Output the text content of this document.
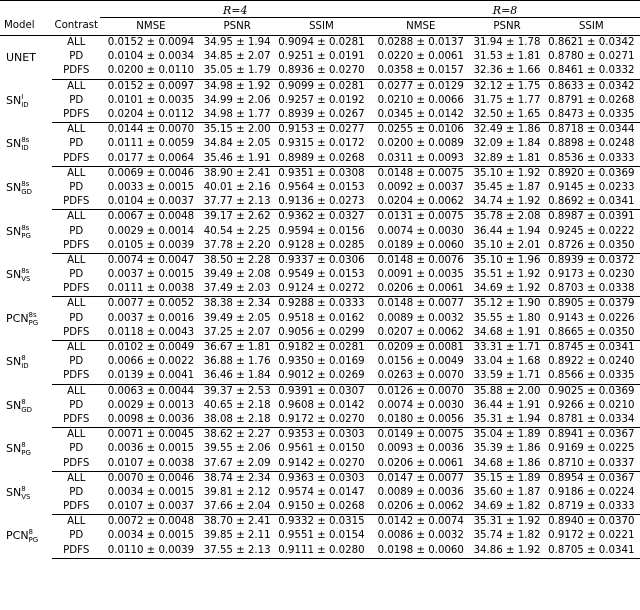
		R=4			R=8		
Model	Contrast	NMSE	PSNR	SSIM	NMSE	PSNR	SSIM
UNET	ALL	0.0152 ± 0.0094	34.95 ± 1.94	0.9094 ± 0.0281	0.0288 ± 0.0137	31.94 ± 1.78	0.8621 ± 0.0342
	PD	0.0104 ± 0.0034	34.85 ± 2.07	0.9251 ± 0.0191	0.0220 ± 0.0061	31.53 ± 1.81	0.8780 ± 0.0271
	PDFS	0.0200 ± 0.0110	35.05 ± 1.79	0.8936 ± 0.0270	0.0358 ± 0.0157	32.36 ± 1.66	0.8461 ± 0.0332
SN I
ID	ALL	0.0152 ± 0.0097	34.98 ± 1.92	0.9099 ± 0.0281	0.0277 ± 0.0129	32.12 ± 1.75	0.8633 ± 0.0342
	PD	0.0101 ± 0.0035	34.99 ± 2.06	0.9257 ± 0.0192	0.0210 ± 0.0066	31.75 ± 1.77	0.8791 ± 0.0268
	PDFS	0.0204 ± 0.0112	34.98 ± 1.77	0.8939 ± 0.0267	0.0345 ± 0.0142	32.50 ± 1.65	0.8473 ± 0.0335
SN 8s
ID	ALL	0.0144 ± 0.0070	35.15 ± 2.00	0.9153 ± 0.0277	0.0255 ± 0.0106	32.49 ± 1.86	0.8718 ± 0.0344
	PD	0.0111 ± 0.0059	34.84 ± 2.05	0.9315 ± 0.0172	0.0200 ± 0.0089	32.09 ± 1.84	0.8898 ± 0.0248
	PDFS	0.0177 ± 0.0064	35.46 ± 1.91	0.8989 ± 0.0268	0.0311 ± 0.0093	32.89 ± 1.81	0.8536 ± 0.0333
SN 8s
GD	ALL	0.0069 ± 0.0046	38.90 ± 2.41	0.9351 ± 0.0308	0.0148 ± 0.0075	35.10 ± 1.92	0.8920 ± 0.0369
	PD	0.0033 ± 0.0015	40.01 ± 2.16	0.9564 ± 0.0153	0.0092 ± 0.0037	35.45 ± 1.87	0.9145 ± 0.0233
	PDFS	0.0104 ± 0.0037	37.77 ± 2.13	0.9136 ± 0.0273	0.0204 ± 0.0062	34.74 ± 1.92	0.8692 ± 0.0341
SN 8s
PG	ALL	0.0067 ± 0.0048	39.17 ± 2.62	0.9362 ± 0.0327	0.0131 ± 0.0075	35.78 ± 2.08	0.8987 ± 0.0391
	PD	0.0029 ± 0.0014	40.54 ± 2.25	0.9594 ± 0.0156	0.0074 ± 0.0030	36.44 ± 1.94	0.9245 ± 0.0222
	PDFS	0.0105 ± 0.0039	37.78 ± 2.20	0.9128 ± 0.0285	0.0189 ± 0.0060	35.10 ± 2.01	0.8726 ± 0.0350
SN 8s
VS	ALL	0.0074 ± 0.0047	38.50 ± 2.28	0.9337 ± 0.0306	0.0148 ± 0.0076	35.10 ± 1.96	0.8939 ± 0.0372
	PD	0.0037 ± 0.0015	39.49 ± 2.08	0.9549 ± 0.0153	0.0091 ± 0.0035	35.51 ± 1.92	0.9173 ± 0.0230
	PDFS	0.0111 ± 0.0038	37.49 ± 2.03	0.9124 ± 0.0272	0.0206 ± 0.0061	34.69 ± 1.92	0.8703 ± 0.0338
PCN 8s
PG	ALL	0.0077 ± 0.0052	38.38 ± 2.34	0.9288 ± 0.0333	0.0148 ± 0.0077	35.12 ± 1.90	0.8905 ± 0.0379
	PD	0.0037 ± 0.0016	39.49 ± 2.05	0.9518 ± 0.0162	0.0089 ± 0.0032	35.55 ± 1.80	0.9143 ± 0.0226
	PDFS	0.0118 ± 0.0043	37.25 ± 2.07	0.9056 ± 0.0299	0.0207 ± 0.0062	34.68 ± 1.91	0.8665 ± 0.0350
SN 8
ID	ALL	0.0102 ± 0.0049	36.67 ± 1.81	0.9182 ± 0.0281	0.0209 ± 0.0081	33.31 ± 1.71	0.8745 ± 0.0341
	PD	0.0066 ± 0.0022	36.88 ± 1.76	0.9350 ± 0.0169	0.0156 ± 0.0049	33.04 ± 1.68	0.8922 ± 0.0240
	PDFS	0.0139 ± 0.0041	36.46 ± 1.84	0.9012 ± 0.0269	0.0263 ± 0.0070	33.59 ± 1.71	0.8566 ± 0.0335
SN 8
GD	ALL	0.0063 ± 0.0044	39.37 ± 2.53	0.9391 ± 0.0307	0.0126 ± 0.0070	35.88 ± 2.00	0.9025 ± 0.0369
	PD	0.0029 ± 0.0013	40.65 ± 2.18	0.9608 ± 0.0142	0.0074 ± 0.0030	36.44 ± 1.91	0.9266 ± 0.0210
	PDFS	0.0098 ± 0.0036	38.08 ± 2.18	0.9172 ± 0.0270	0.0180 ± 0.0056	35.31 ± 1.94	0.8781 ± 0.0334
SN 8
PG	ALL	0.0071 ± 0.0045	38.62 ± 2.27	0.9353 ± 0.0303	0.0149 ± 0.0075	35.04 ± 1.89	0.8941 ± 0.0367
	PD	0.0036 ± 0.0015	39.55 ± 2.06	0.9561 ± 0.0150	0.0093 ± 0.0036	35.39 ± 1.86	0.9169 ± 0.0225
	PDFS	0.0107 ± 0.0038	37.67 ± 2.09	0.9142 ± 0.0270	0.0206 ± 0.0061	34.68 ± 1.86	0.8710 ± 0.0337
SN 8
VS	ALL	0.0070 ± 0.0046	38.74 ± 2.34	0.9363 ± 0.0303	0.0147 ± 0.0077	35.15 ± 1.89	0.8954 ± 0.0367
	PD	0.0034 ± 0.0015	39.81 ± 2.12	0.9574 ± 0.0147	0.0089 ± 0.0036	35.60 ± 1.87	0.9186 ± 0.0224
	PDFS	0.0107 ± 0.0037	37.66 ± 2.04	0.9150 ± 0.0268	0.0206 ± 0.0062	34.69 ± 1.82	0.8719 ± 0.0333
PCN 8
PG	ALL	0.0072 ± 0.0048	38.70 ± 2.41	0.9332 ± 0.0315	0.0142 ± 0.0074	35.31 ± 1.92	0.8940 ± 0.0370
	PD	0.0034 ± 0.0015	39.85 ± 2.11	0.9551 ± 0.0154	0.0086 ± 0.0032	35.74 ± 1.82	0.9172 ± 0.0221
	PDFS	0.0110 ± 0.0039	37.55 ± 2.13	0.9111 ± 0.0280	0.0198 ± 0.0060	34.86 ± 1.92	0.8705 ± 0.0341
